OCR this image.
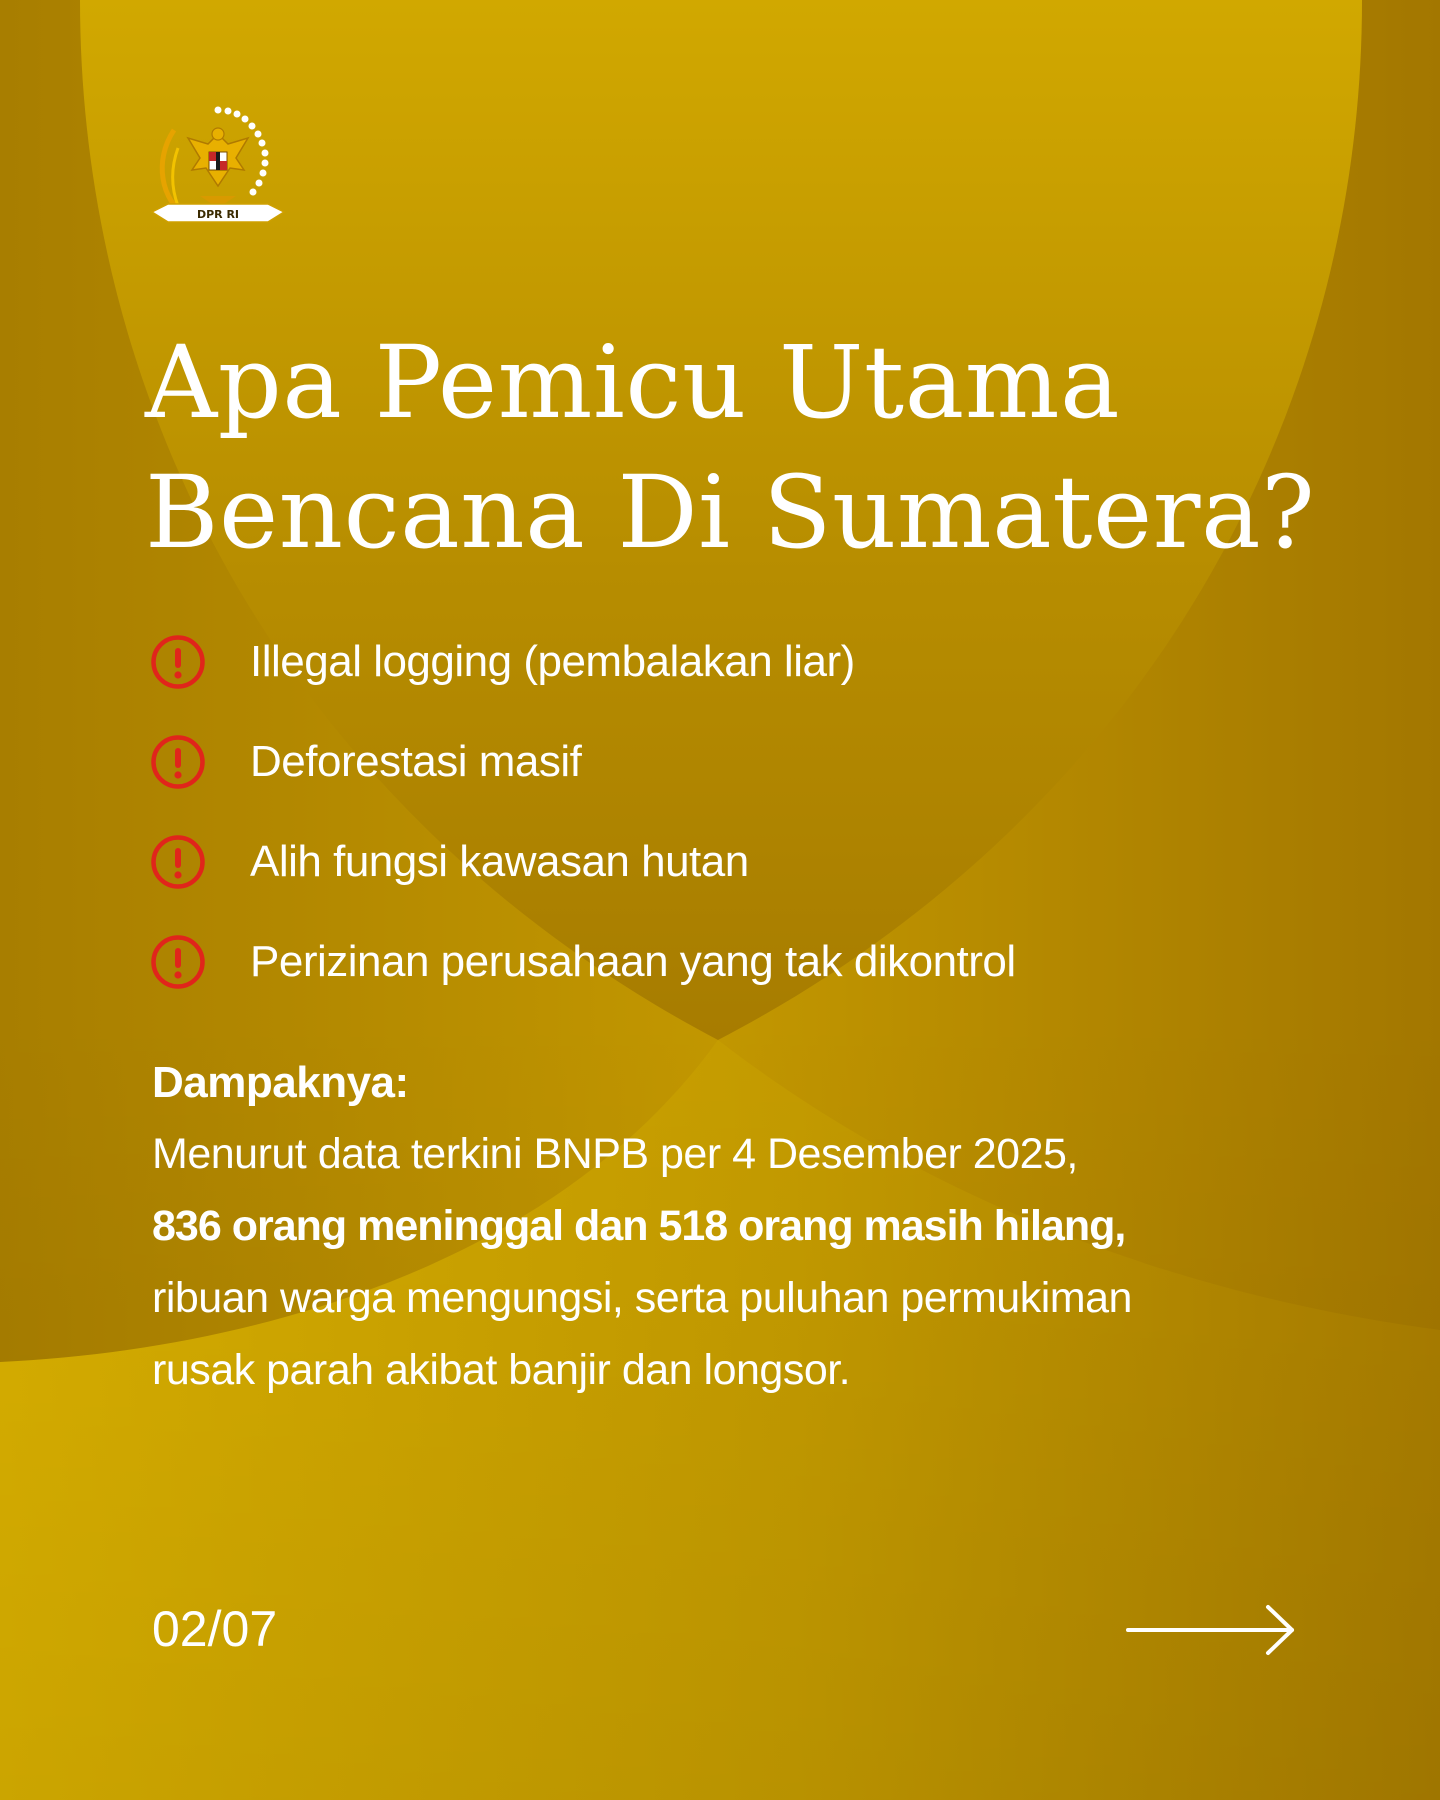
DPR RI
Apa Pemicu Utama
Bencana Di Sumatera?
Illegal logging (pembalakan liar)
Deforestasi masif
Alih fungsi kawasan hutan
Perizinan perusahaan yang tak dikontrol
Dampaknya:

Menurut data terkini BNPB per 4 Desember 2025,
836 orang meninggal dan 518 orang masih hilang,
ribuan warga mengungsi, serta puluhan permukiman
rusak parah akibat banjir dan longsor.

02/07
